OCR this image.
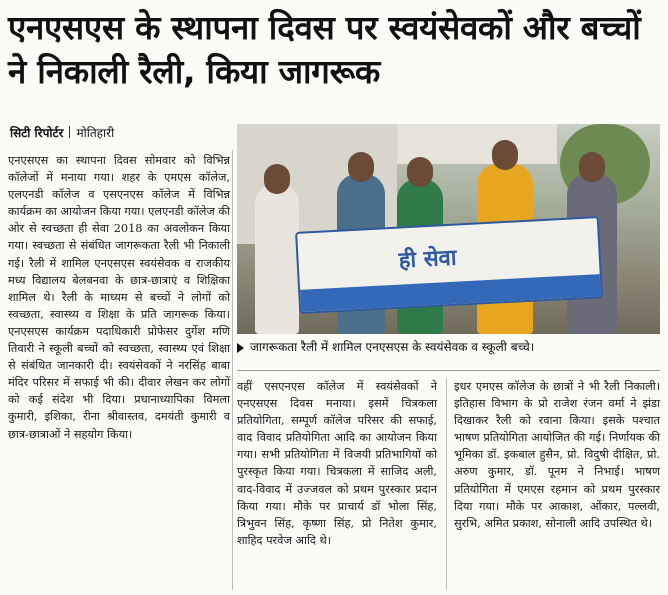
एनएसएस के स्थापना दिवस पर स्वयंसेवकों और बच्चों ने निकाली रैली, किया जागरूक
सिटी रिपोर्टर मोतिहारी
एनएसएस का स्थापना दिवस सोमवार को विभिन्न कॉलेजों में मनाया गया। शहर के एमएस कॉलेज, एलएनडी कॉलेज व एसएनएस कॉलेज में विभिन्न कार्यक्रम का आयोजन किया गया। एलएनडी कॉलेज की ओर से स्वच्छता ही सेवा 2018 का अवलोकन किया गया। स्वच्छता से संबंधित जागरूकता रैली भी निकाली गई। रैली में शामिल एनएसएस स्वयंसेवक व राजकीय मध्य विद्यालय बेलबनवा के छात्र-छात्राएं व शिक्षिका शामिल थे। रैली के माध्यम से बच्चों ने लोगों को स्वच्छता, स्वास्थ्य व शिक्षा के प्रति जागरूक किया। एनएसएस कार्यक्रम पदाधिकारी प्रोफेसर दुर्गेश मणि तिवारी ने स्कूली बच्चों को स्वच्छता, स्वास्थ्य एवं शिक्षा से संबंधित जानकारी दी। स्वयंसेवकों ने नरसिंह बाबा मंदिर परिसर में सफाई भी की। दीवार लेखन कर लोगों को कई संदेश भी दिया। प्रधानाध्यापिका विमला कुमारी, इशिका, रीना श्रीवास्तव, दमयंती कुमारी व छात्र-छात्राओं ने सहयोग किया।
ही सेवा
जागरूकता रैली में शामिल एनएसएस के स्वयंसेवक व स्कूली बच्चे।
वहीं एसएनएस कॉलेज में स्वयंसेवकों ने एनएसएस दिवस मनाया। इसमें चित्रकला प्रतियोगिता, सम्पूर्ण कॉलेज परिसर की सफाई, वाद विवाद प्रतियोगिता आदि का आयोजन किया गया। सभी प्रतियोगिता में विजयी प्रतिभागियों को पुरस्कृत किया गया। चित्रकला में साजिद अली, वाद-विवाद में उज्जवल को प्रथम पुरस्कार प्रदान किया गया। मौके पर प्राचार्य डॉ भोला सिंह, त्रिभुवन सिंह, कृष्णा सिंह, प्रो नितेश कुमार, शाहिद परवेज आदि थे।
इधर एमएस कॉलेज के छात्रों ने भी रैली निकाली। इतिहास विभाग के प्रो राजेश रंजन वर्मा ने झंडा दिखाकर रैली को रवाना किया। इसके पश्चात भाषण प्रतियोगिता आयोजित की गई। निर्णायक की भूमिका डॉ. इकबाल हुसैन, प्रो. विदुषी दीक्षित, प्रो. अरुण कुमार, डॉ. पूनम ने निभाई। भाषण प्रतियोगिता में एमएस रहमान को प्रथम पुरस्कार दिया गया। मौके पर आकाश, ओंकार, पल्लवी, सुरभि, अमित प्रकाश, सोनाली आदि उपस्थित थे।
